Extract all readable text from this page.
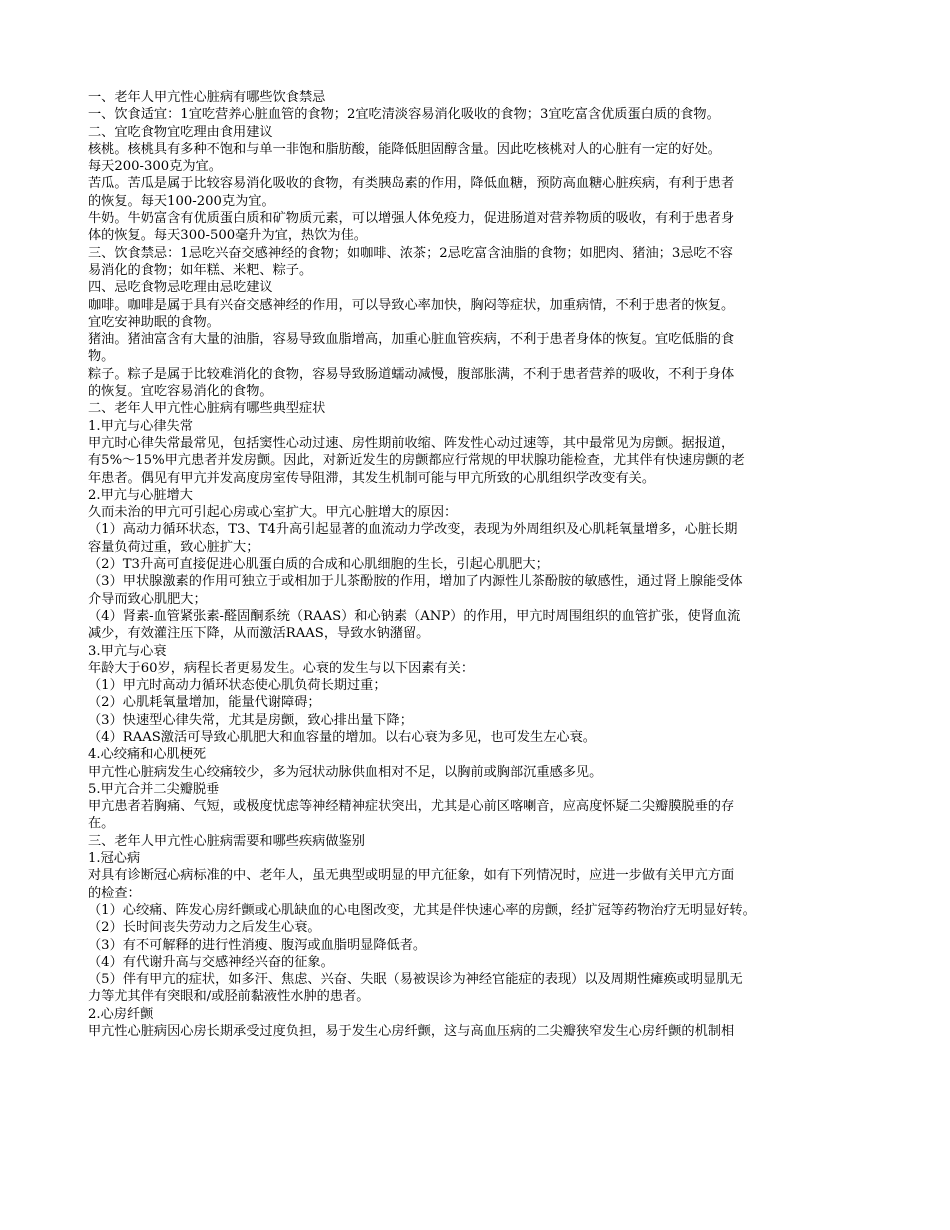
一、老年人甲亢性心脏病有哪些饮食禁忌
一、饮食适宜：1宜吃营养心脏血管的食物；2宜吃清淡容易消化吸收的食物；3宜吃富含优质蛋白质的食物。
二、宜吃食物宜吃理由食用建议
核桃。核桃具有多种不饱和与单一非饱和脂肪酸，能降低胆固醇含量。因此吃核桃对人的心脏有一定的好处。
每天200-300克为宜。
苦瓜。苦瓜是属于比较容易消化吸收的食物，有类胰岛素的作用，降低血糖，预防高血糖心脏疾病，有利于患者
的恢复。每天100-200克为宜。
牛奶。牛奶富含有优质蛋白质和矿物质元素，可以增强人体免疫力，促进肠道对营养物质的吸收，有利于患者身
体的恢复。每天300-500毫升为宜，热饮为佳。
三、饮食禁忌：1忌吃兴奋交感神经的食物；如咖啡、浓茶；2忌吃富含油脂的食物；如肥肉、猪油；3忌吃不容
易消化的食物；如年糕、米粑、粽子。
四、忌吃食物忌吃理由忌吃建议
咖啡。咖啡是属于具有兴奋交感神经的作用，可以导致心率加快，胸闷等症状，加重病情，不利于患者的恢复。
宜吃安神助眠的食物。
猪油。猪油富含有大量的油脂，容易导致血脂增高，加重心脏血管疾病，不利于患者身体的恢复。宜吃低脂的食
物。
粽子。粽子是属于比较难消化的食物，容易导致肠道蠕动减慢，腹部胀满，不利于患者营养的吸收，不利于身体
的恢复。宜吃容易消化的食物。
二、老年人甲亢性心脏病有哪些典型症状
1.甲亢与心律失常
甲亢时心律失常最常见，包括窦性心动过速、房性期前收缩、阵发性心动过速等，其中最常见为房颤。据报道，
有5%～15%甲亢患者并发房颤。因此，对新近发生的房颤都应行常规的甲状腺功能检查，尤其伴有快速房颤的老
年患者。偶见有甲亢并发高度房室传导阻滞，其发生机制可能与甲亢所致的心肌组织学改变有关。
2.甲亢与心脏增大
久而未治的甲亢可引起心房或心室扩大。甲亢心脏增大的原因：
（1）高动力循环状态，T3、T4升高引起显著的血流动力学改变，表现为外周组织及心肌耗氧量增多，心脏长期
容量负荷过重，致心脏扩大；
（2）T3升高可直接促进心肌蛋白质的合成和心肌细胞的生长，引起心肌肥大；
（3）甲状腺激素的作用可独立于或相加于儿茶酚胺的作用，增加了内源性儿茶酚胺的敏感性，通过肾上腺能受体
介导而致心肌肥大；
（4）肾素-血管紧张素-醛固酮系统（RAAS）和心钠素（ANP）的作用，甲亢时周围组织的血管扩张，使肾血流
减少，有效灌注压下降，从而激活RAAS，导致水钠潴留。
3.甲亢与心衰
年龄大于60岁，病程长者更易发生。心衰的发生与以下因素有关：
（1）甲亢时高动力循环状态使心肌负荷长期过重；
（2）心肌耗氧量增加，能量代谢障碍；
（3）快速型心律失常，尤其是房颤，致心排出量下降；
（4）RAAS激活可导致心肌肥大和血容量的增加。以右心衰为多见，也可发生左心衰。
4.心绞痛和心肌梗死
甲亢性心脏病发生心绞痛较少，多为冠状动脉供血相对不足，以胸前或胸部沉重感多见。
5.甲亢合并二尖瓣脱垂
甲亢患者若胸痛、气短，或极度忧虑等神经精神症状突出，尤其是心前区喀喇音，应高度怀疑二尖瓣膜脱垂的存
在。
三、老年人甲亢性心脏病需要和哪些疾病做鉴别
1.冠心病
对具有诊断冠心病标准的中、老年人，虽无典型或明显的甲亢征象，如有下列情况时，应进一步做有关甲亢方面
的检查：
（1）心绞痛、阵发心房纤颤或心肌缺血的心电图改变，尤其是伴快速心率的房颤，经扩冠等药物治疗无明显好转。
（2）长时间丧失劳动力之后发生心衰。
（3）有不可解释的进行性消瘦、腹泻或血脂明显降低者。
（4）有代谢升高与交感神经兴奋的征象。
（5）伴有甲亢的症状，如多汗、焦虑、兴奋、失眠（易被误诊为神经官能症的表现）以及周期性瘫痪或明显肌无
力等尤其伴有突眼和/或胫前黏液性水肿的患者。
2.心房纤颤
甲亢性心脏病因心房长期承受过度负担，易于发生心房纤颤，这与高血压病的二尖瓣狭窄发生心房纤颤的机制相
